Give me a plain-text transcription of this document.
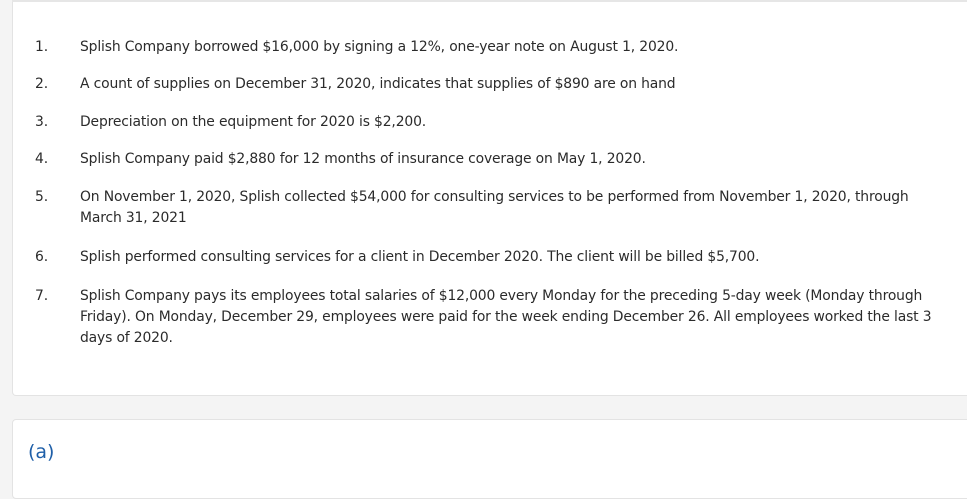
1.	Splish Company borrowed $16,000 by signing a 12%, one-year note on August 1, 2020.
2.	A count of supplies on December 31, 2020, indicates that supplies of $890 are on hand
3.	Depreciation on the equipment for 2020 is $2,200.
4.	Splish Company paid $2,880 for 12 months of insurance coverage on May 1, 2020.
5.	On November 1, 2020, Splish collected $54,000 for consulting services to be performed from November 1, 2020, through March 31, 2021
6.	Splish performed consulting services for a client in December 2020. The client will be billed $5,700.
7.	Splish Company pays its employees total salaries of $12,000 every Monday for the preceding 5-day week (Monday through Friday). On Monday, December 29, employees were paid for the week ending December 26. All employees worked the last 3 days of 2020.
(a)
